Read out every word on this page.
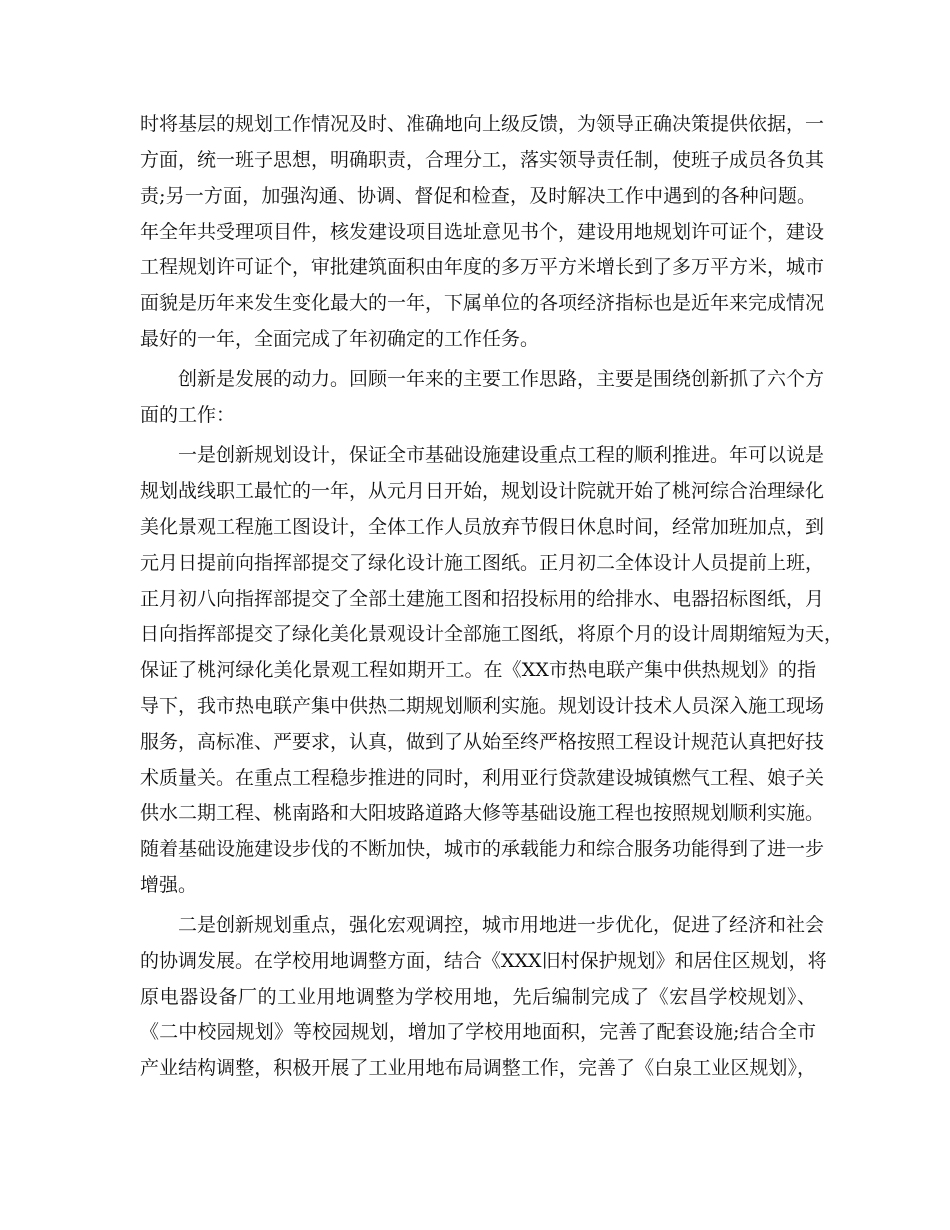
时将基层的规划工作情况及时、准确地向上级反馈，为领导正确决策提供依据，一
方面，统一班子思想，明确职责，合理分工，落实领导责任制，使班子成员各负其
责;另一方面，加强沟通、协调、督促和检查，及时解决工作中遇到的各种问题。
年全年共受理项目件，核发建设项目选址意见书个，建设用地规划许可证个，建设
工程规划许可证个，审批建筑面积由年度的多万平方米增长到了多万平方米，城市
面貌是历年来发生变化最大的一年，下属单位的各项经济指标也是近年来完成情况
最好的一年，全面完成了年初确定的工作任务。
创新是发展的动力。回顾一年来的主要工作思路，主要是围绕创新抓了六个方
面的工作：
一是创新规划设计，保证全市基础设施建设重点工程的顺利推进。年可以说是
规划战线职工最忙的一年，从元月日开始，规划设计院就开始了桃河综合治理绿化
美化景观工程施工图设计，全体工作人员放弃节假日休息时间，经常加班加点，到
元月日提前向指挥部提交了绿化设计施工图纸。正月初二全体设计人员提前上班，
正月初八向指挥部提交了全部土建施工图和招投标用的给排水、电器招标图纸，月
日向指挥部提交了绿化美化景观设计全部施工图纸，将原个月的设计周期缩短为天，
保证了桃河绿化美化景观工程如期开工。在《XX市热电联产集中供热规划》的指
导下，我市热电联产集中供热二期规划顺利实施。规划设计技术人员深入施工现场
服务，高标准、严要求，认真，做到了从始至终严格按照工程设计规范认真把好技
术质量关。在重点工程稳步推进的同时，利用亚行贷款建设城镇燃气工程、娘子关
供水二期工程、桃南路和大阳坡路道路大修等基础设施工程也按照规划顺利实施。
随着基础设施建设步伐的不断加快，城市的承载能力和综合服务功能得到了进一步
增强。
二是创新规划重点，强化宏观调控，城市用地进一步优化，促进了经济和社会
的协调发展。在学校用地调整方面，结合《XXX旧村保护规划》和居住区规划，将
原电器设备厂的工业用地调整为学校用地，先后编制完成了《宏昌学校规划》、
《二中校园规划》等校园规划，增加了学校用地面积，完善了配套设施;结合全市
产业结构调整，积极开展了工业用地布局调整工作，完善了《白泉工业区规划》，
